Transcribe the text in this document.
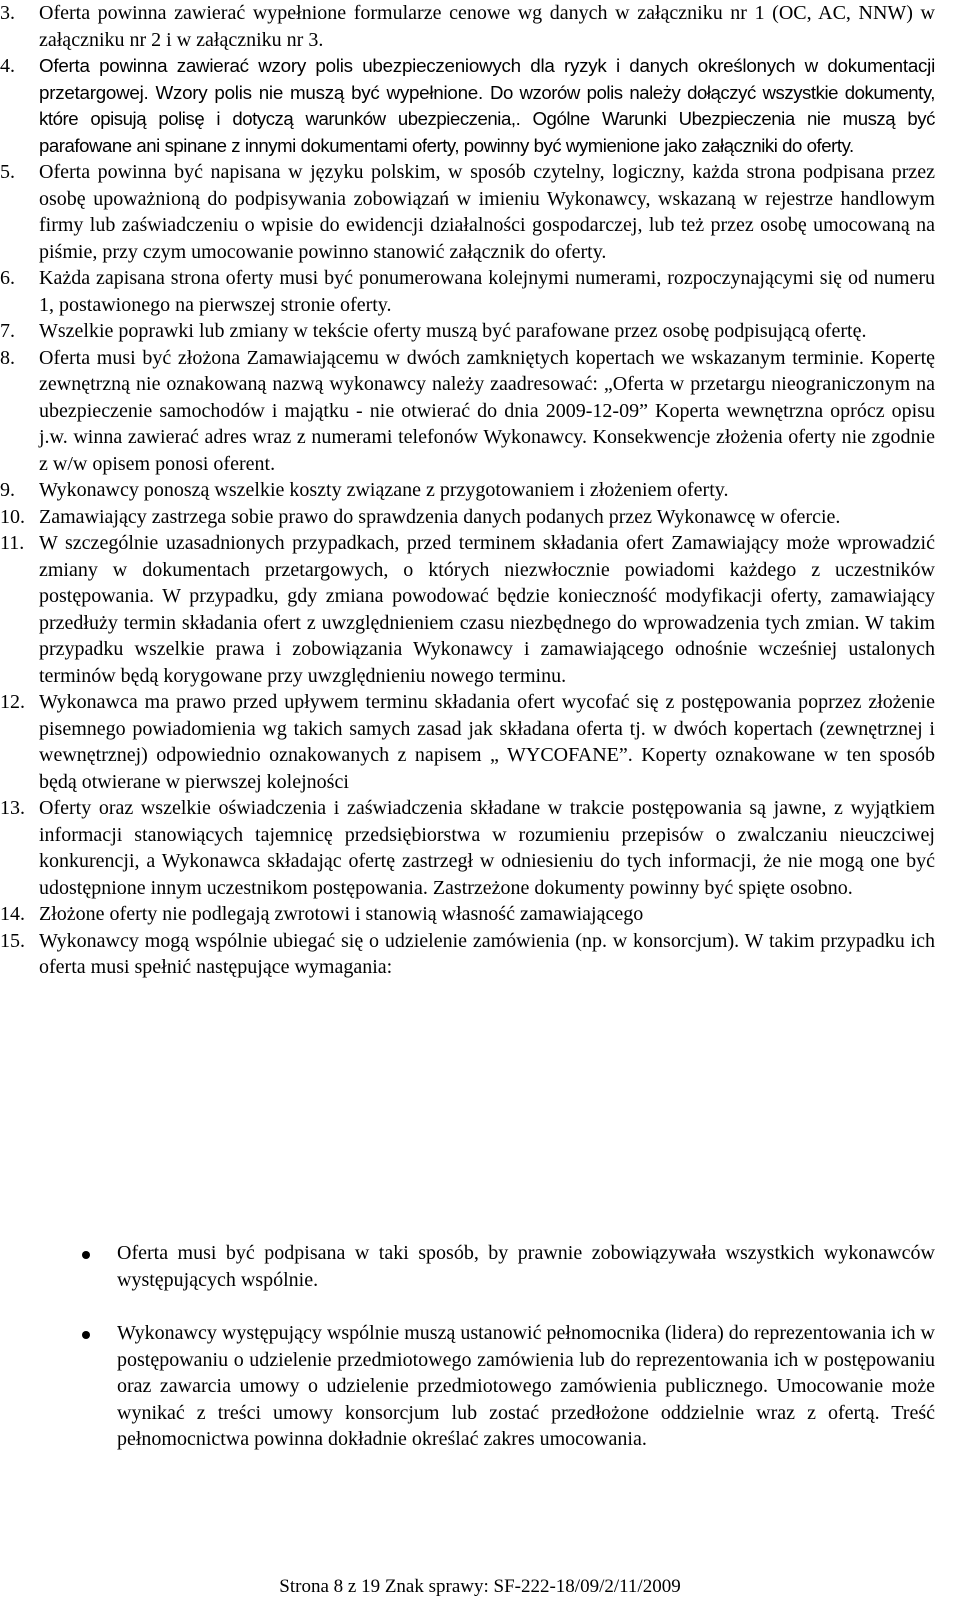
3. Oferta powinna zawierać wypełnione formularze cenowe wg danych w załączniku nr 1 (OC, AC, NNW) w załączniku nr 2 i w załączniku nr 3.
4. Oferta powinna zawierać wzory polis ubezpieczeniowych dla ryzyk i danych określonych w dokumentacji przetargowej. Wzory polis nie muszą być wypełnione. Do wzorów polis należy dołączyć wszystkie dokumenty, które opisują polisę i dotyczą warunków ubezpieczenia,. Ogólne Warunki Ubezpieczenia nie muszą być parafowane ani spinane z innymi dokumentami oferty, powinny być wymienione jako załączniki do oferty.
5. Oferta powinna być napisana w języku polskim, w sposób czytelny, logiczny, każda strona podpisana przez osobę upoważnioną do podpisywania zobowiązań w imieniu Wykonawcy, wskazaną w rejestrze handlowym firmy lub zaświadczeniu o wpisie do ewidencji działalności gospodarczej, lub też przez osobę umocowaną na piśmie, przy czym umocowanie powinno stanowić załącznik do oferty.
6. Każda zapisana strona oferty musi być ponumerowana kolejnymi numerami, rozpoczynającymi się od numeru 1, postawionego na pierwszej stronie oferty.
7. Wszelkie poprawki lub zmiany w tekście oferty muszą być parafowane przez osobę podpisującą ofertę.
8. Oferta musi być złożona Zamawiającemu w dwóch zamkniętych kopertach we wskazanym terminie. Kopertę zewnętrzną nie oznakowaną nazwą wykonawcy należy zaadresować: „Oferta w przetargu nieograniczonym na ubezpieczenie samochodów i majątku - nie otwierać do dnia 2009-12-09” Koperta wewnętrzna oprócz opisu j.w. winna zawierać adres wraz z numerami telefonów Wykonawcy. Konsekwencje złożenia oferty nie zgodnie z w/w opisem ponosi oferent.
9. Wykonawcy ponoszą wszelkie koszty związane z przygotowaniem i złożeniem oferty.
10. Zamawiający zastrzega sobie prawo do sprawdzenia danych podanych przez Wykonawcę w ofercie.
11. W szczególnie uzasadnionych przypadkach, przed terminem składania ofert Zamawiający może wprowadzić zmiany w dokumentach przetargowych, o których niezwłocznie powiadomi każdego z uczestników postępowania. W przypadku, gdy zmiana powodować będzie konieczność modyfikacji oferty, zamawiający przedłuży termin składania ofert z uwzględnieniem czasu niezbędnego do wprowadzenia tych zmian. W takim przypadku wszelkie prawa i zobowiązania Wykonawcy i zamawiającego odnośnie wcześniej ustalonych terminów będą korygowane przy uwzględnieniu nowego terminu.
12. Wykonawca ma prawo przed upływem terminu składania ofert wycofać się z postępowania poprzez złożenie pisemnego powiadomienia wg takich samych zasad jak składana oferta tj. w dwóch kopertach (zewnętrznej i wewnętrznej) odpowiednio oznakowanych z napisem „ WYCOFANE”. Koperty oznakowane w ten sposób będą otwierane w pierwszej kolejności
13. Oferty oraz wszelkie oświadczenia i zaświadczenia składane w trakcie postępowania są jawne, z wyjątkiem informacji stanowiących tajemnicę przedsiębiorstwa w rozumieniu przepisów o zwalczaniu nieuczciwej konkurencji, a Wykonawca składając ofertę zastrzegł w odniesieniu do tych informacji, że nie mogą one być udostępnione innym uczestnikom postępowania. Zastrzeżone dokumenty powinny być spięte osobno.
14. Złożone oferty nie podlegają zwrotowi i stanowią własność zamawiającego
15. Wykonawcy mogą wspólnie ubiegać się o udzielenie zamówienia (np. w konsorcjum). W takim przypadku ich oferta musi spełnić następujące wymagania:
Oferta musi być podpisana w taki sposób, by prawnie zobowiązywała wszystkich wykonawców występujących wspólnie.
Wykonawcy występujący wspólnie muszą ustanowić pełnomocnika (lidera) do reprezentowania ich w postępowaniu o udzielenie przedmiotowego zamówienia lub do reprezentowania ich w postępowaniu oraz zawarcia umowy o udzielenie przedmiotowego zamówienia publicznego. Umocowanie może wynikać z treści umowy konsorcjum lub zostać przedłożone oddzielnie wraz z ofertą. Treść pełnomocnictwa powinna dokładnie określać zakres umocowania.
Strona 8 z 19 Znak sprawy: SF-222-18/09/2/11/2009
